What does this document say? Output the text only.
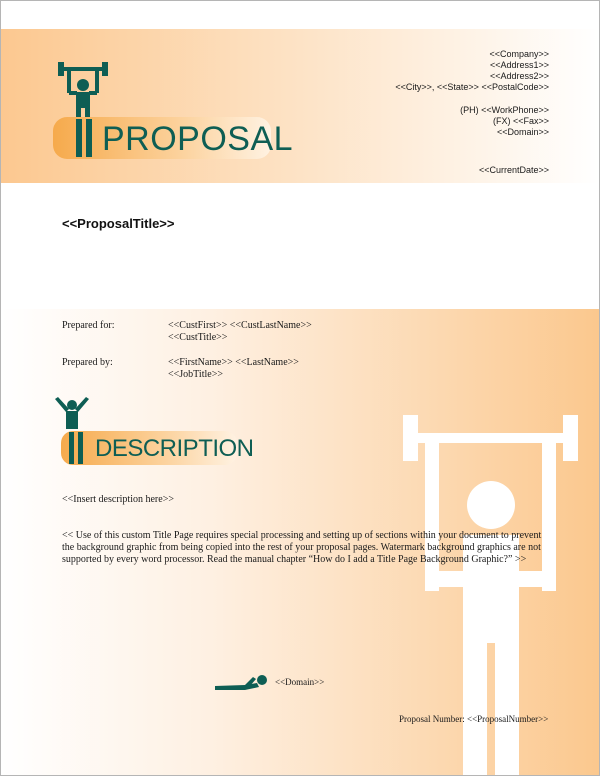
<<Company>>
<<Address1>>
<<Address2>>
<<City>>, <<State>> <<PostalCode>>
(PH) <<WorkPhone>>
(FX) <<Fax>>
<<Domain>>
<<CurrentDate>>
PROPOSAL
<<ProposalTitle>>
Prepared for:	<<CustFirst>> <<CustLastName>>
<<CustTitle>>
Prepared by:	<<FirstName>> <<LastName>>
<<JobTitle>>
DESCRIPTION
<<Insert description here>>
<< Use of this custom Title Page requires special processing and setting up of sections within your document to prevent the background graphic from being copied into the rest of your proposal pages. Watermark background graphics are not supported by every word processor. Read the manual chapter “How do I add a Title Page Background Graphic?” >>
<<Domain>>
Proposal Number: <<ProposalNumber>>
